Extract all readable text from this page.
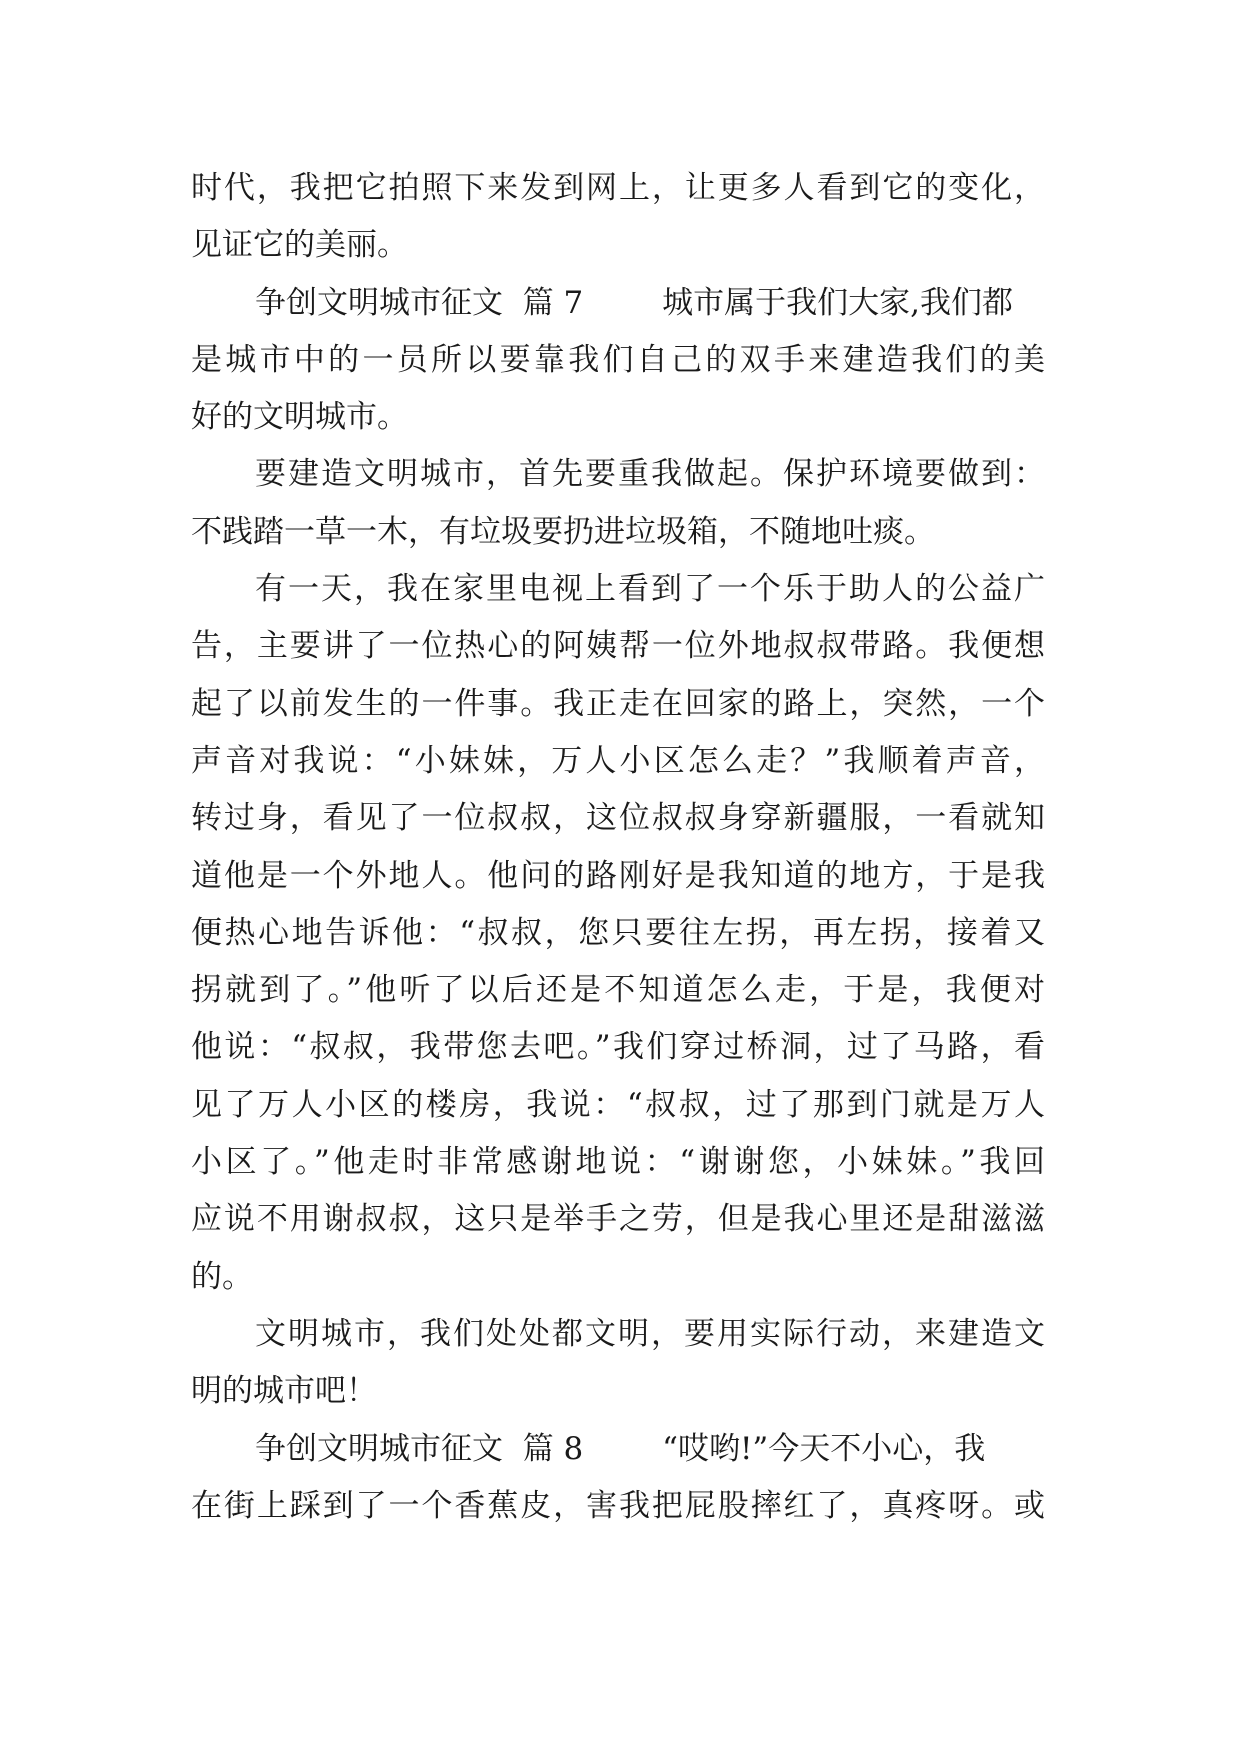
时代，我把它拍照下来发到网上，让更多人看到它的变化，
见证它的美丽。
争创文明城市征文  篇 7        城市属于我们大家,我们都
是城市中的一员所以要靠我们自己的双手来建造我们的美
好的文明城市。
要建造文明城市，首先要重我做起。保护环境要做到：
不践踏一草一木，有垃圾要扔进垃圾箱，不随地吐痰。
有一天，我在家里电视上看到了一个乐于助人的公益广
告，主要讲了一位热心的阿姨帮一位外地叔叔带路。我便想
起了以前发生的一件事。我正走在回家的路上，突然，一个
声音对我说：“小妹妹，万人小区怎么走？”我顺着声音，
转过身，看见了一位叔叔，这位叔叔身穿新疆服，一看就知
道他是一个外地人。他问的路刚好是我知道的地方，于是我
便热心地告诉他：“叔叔，您只要往左拐，再左拐，接着又
拐就到了。”他听了以后还是不知道怎么走，于是，我便对
他说：“叔叔，我带您去吧。”我们穿过桥洞，过了马路，看
见了万人小区的楼房，我说：“叔叔，过了那到门就是万人
小区了。”他走时非常感谢地说：“谢谢您，小妹妹。”我回
应说不用谢叔叔，这只是举手之劳，但是我心里还是甜滋滋
的。
文明城市，我们处处都文明，要用实际行动，来建造文
明的城市吧！
争创文明城市征文  篇 8        “哎哟!”今天不小心，我
在街上踩到了一个香蕉皮，害我把屁股摔红了，真疼呀。或
